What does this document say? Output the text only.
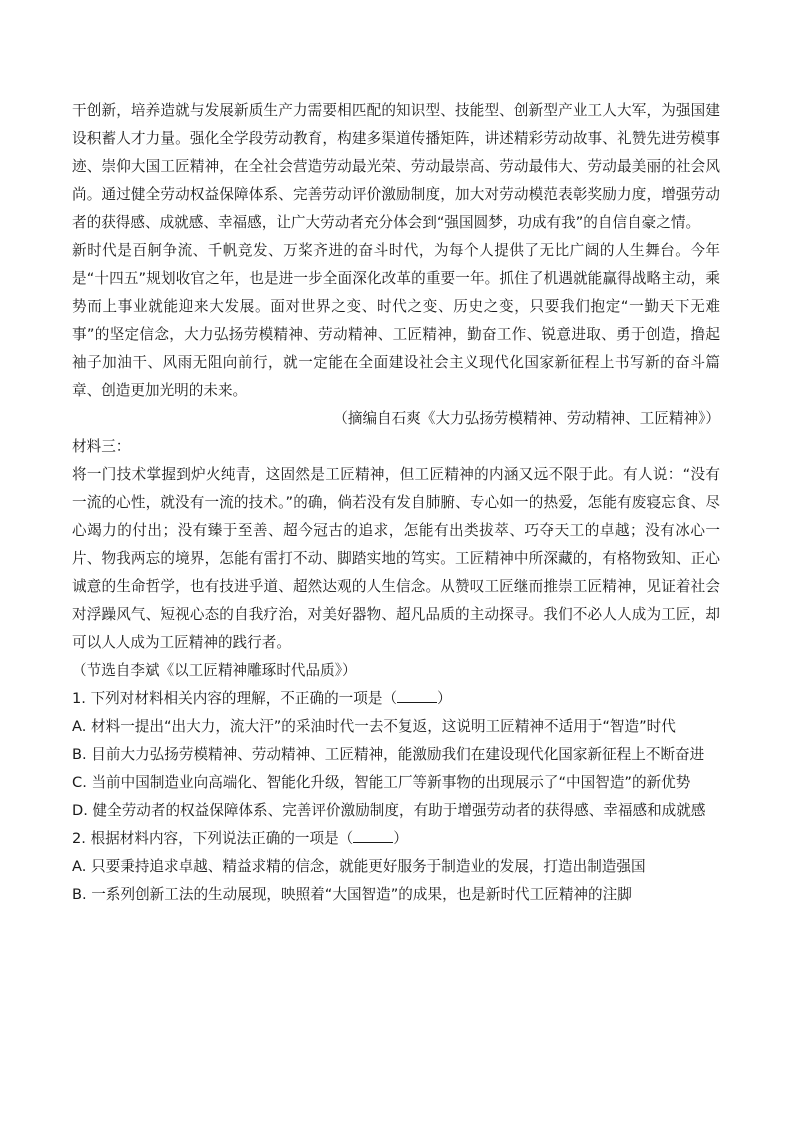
干创新，培养造就与发展新质生产力需要相匹配的知识型、技能型、创新型产业工人大军，为强国建设积蓄人才力量。强化全学段劳动教育，构建多渠道传播矩阵，讲述精彩劳动故事、礼赞先进劳模事迹、崇仰大国工匠精神，在全社会营造劳动最光荣、劳动最崇高、劳动最伟大、劳动最美丽的社会风尚。通过健全劳动权益保障体系、完善劳动评价激励制度，加大对劳动模范表彰奖励力度，增强劳动者的获得感、成就感、幸福感，让广大劳动者充分体会到“强国圆梦，功成有我”的自信自豪之情。

新时代是百舸争流、千帆竞发、万桨齐进的奋斗时代，为每个人提供了无比广阔的人生舞台。今年是“十四五”规划收官之年，也是进一步全面深化改革的重要一年。抓住了机遇就能赢得战略主动，乘势而上事业就能迎来大发展。面对世界之变、时代之变、历史之变，只要我们抱定“一勤天下无难事”的坚定信念，大力弘扬劳模精神、劳动精神、工匠精神，勤奋工作、锐意进取、勇于创造，撸起袖子加油干、风雨无阻向前行，就一定能在全面建设社会主义现代化国家新征程上书写新的奋斗篇章、创造更加光明的未来。

（摘编自石爽《大力弘扬劳模精神、劳动精神、工匠精神》）

材料三：

将一门技术掌握到炉火纯青，这固然是工匠精神，但工匠精神的内涵又远不限于此。有人说：“没有一流的心性，就没有一流的技术。”的确，倘若没有发自肺腑、专心如一的热爱，怎能有废寝忘食、尽心竭力的付出；没有臻于至善、超今冠古的追求，怎能有出类拔萃、巧夺天工的卓越；没有冰心一片、物我两忘的境界，怎能有雷打不动、脚踏实地的笃实。工匠精神中所深藏的，有格物致知、正心诚意的生命哲学，也有技进乎道、超然达观的人生信念。从赞叹工匠继而推崇工匠精神，见证着社会对浮躁风气、短视心态的自我疗治，对美好器物、超凡品质的主动探寻。我们不必人人成为工匠，却可以人人成为工匠精神的践行者。

（节选自李斌《以工匠精神雕琢时代品质》）

1. 下列对材料相关内容的理解，不正确的一项是（	）

A. 材料一提出“出大力，流大汗”的采油时代一去不复返，这说明工匠精神不适用于“智造”时代

B. 目前大力弘扬劳模精神、劳动精神、工匠精神，能激励我们在建设现代化国家新征程上不断奋进

C. 当前中国制造业向高端化、智能化升级，智能工厂等新事物的出现展示了“中国智造”的新优势

D. 健全劳动者的权益保障体系、完善评价激励制度，有助于增强劳动者的获得感、幸福感和成就感

2. 根据材料内容，下列说法正确的一项是（	）

A. 只要秉持追求卓越、精益求精的信念，就能更好服务于制造业的发展，打造出制造强国

B. 一系列创新工法的生动展现，映照着“大国智造”的成果，也是新时代工匠精神的注脚
